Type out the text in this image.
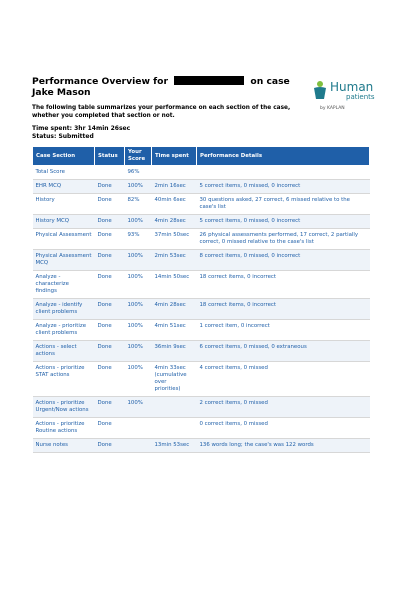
Performance Overview for	on case Jake Mason	Human
patients
by KAPLAN
The following table summarizes your performance on each section of the case, whether you completed that section or not.
Time spent: 3hr 14min 26sec
Status: Submitted
Case Section	Status	Your Score	Time spent	Performance Details
Total Score		96%		
EHR MCQ	Done	100%	2min 16sec	5 correct items, 0 missed, 0 incorrect
History	Done	82%	40min 6sec	30 questions asked, 27 correct, 6 missed relative to the case's list
History MCQ	Done	100%	4min 28sec	5 correct items, 0 missed, 0 incorrect
Physical Assessment	Done	93%	37min 50sec	26 physical assessments performed, 17 correct, 2 partially correct, 0 missed relative to the case's list
Physical Assessment MCQ	Done	100%	2min 53sec	8 correct items, 0 missed, 0 incorrect
Analyze - characterize findings	Done	100%	14min 50sec	18 correct items, 0 incorrect
Analyze - identify client problems	Done	100%	4min 28sec	18 correct items, 0 incorrect
Analyze - prioritize client problems	Done	100%	4min 51sec	1 correct item, 0 incorrect
Actions - select actions	Done	100%	36min 9sec	6 correct items, 0 missed, 0 extraneous
Actions - prioritize STAT actions	Done	100%	4min 33sec (cumulative over priorities)	4 correct items, 0 missed
Actions - prioritize Urgent/Now actions	Done	100%		2 correct items, 0 missed
Actions - prioritize Routine actions	Done			0 correct items, 0 missed
Nurse notes	Done		13min 53sec	136 words long; the case's was 122 words
